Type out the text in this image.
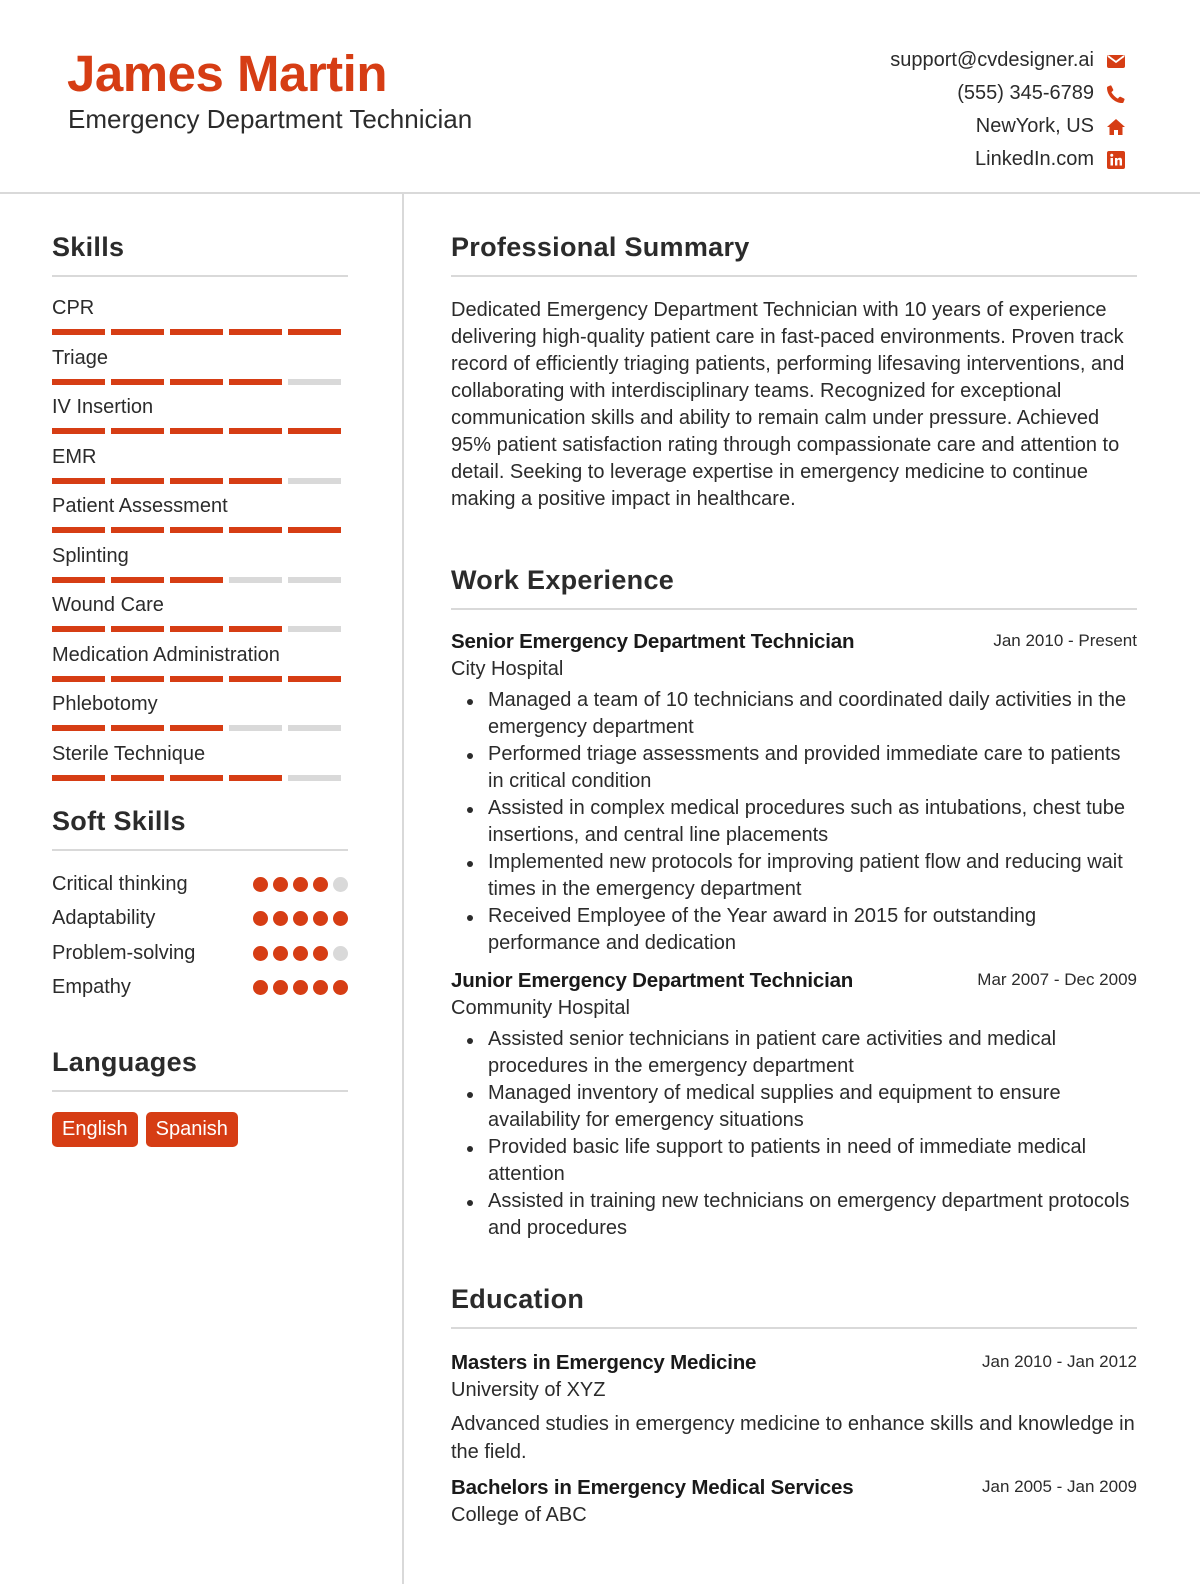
James Martin
Emergency Department Technician
support@cvdesigner.ai
(555) 345-6789
NewYork, US
LinkedIn.com
Skills
CPR
Triage
IV Insertion
EMR
Patient Assessment
Splinting
Wound Care
Medication Administration
Phlebotomy
Sterile Technique
Soft Skills
Critical thinking
Adaptability
Problem-solving
Empathy
Languages
English	Spanish
Professional Summary

Dedicated Emergency Department Technician with 10 years of experience delivering high-quality patient care in fast-paced environments. Proven track record of efficiently triaging patients, performing lifesaving interventions, and collaborating with interdisciplinary teams. Recognized for exceptional communication skills and ability to remain calm under pressure. Achieved 95% patient satisfaction rating through compassionate care and attention to detail. Seeking to leverage expertise in emergency medicine to continue making a positive impact in healthcare.

Work Experience
Senior Emergency Department Technician	Jan 2010 - Present
City Hospital
Managed a team of 10 technicians and coordinated daily activities in the emergency department
Performed triage assessments and provided immediate care to patients in critical condition
Assisted in complex medical procedures such as intubations, chest tube insertions, and central line placements
Implemented new protocols for improving patient flow and reducing wait times in the emergency department
Received Employee of the Year award in 2015 for outstanding performance and dedication
Junior Emergency Department Technician	Mar 2007 - Dec 2009
Community Hospital
Assisted senior technicians in patient care activities and medical procedures in the emergency department
Managed inventory of medical supplies and equipment to ensure availability for emergency situations
Provided basic life support to patients in need of immediate medical attention
Assisted in training new technicians on emergency department protocols and procedures
Education
Masters in Emergency Medicine	Jan 2010 - Jan 2012
University of XYZ

Advanced studies in emergency medicine to enhance skills and knowledge in the field.

Bachelors in Emergency Medical Services	Jan 2005 - Jan 2009
College of ABC
